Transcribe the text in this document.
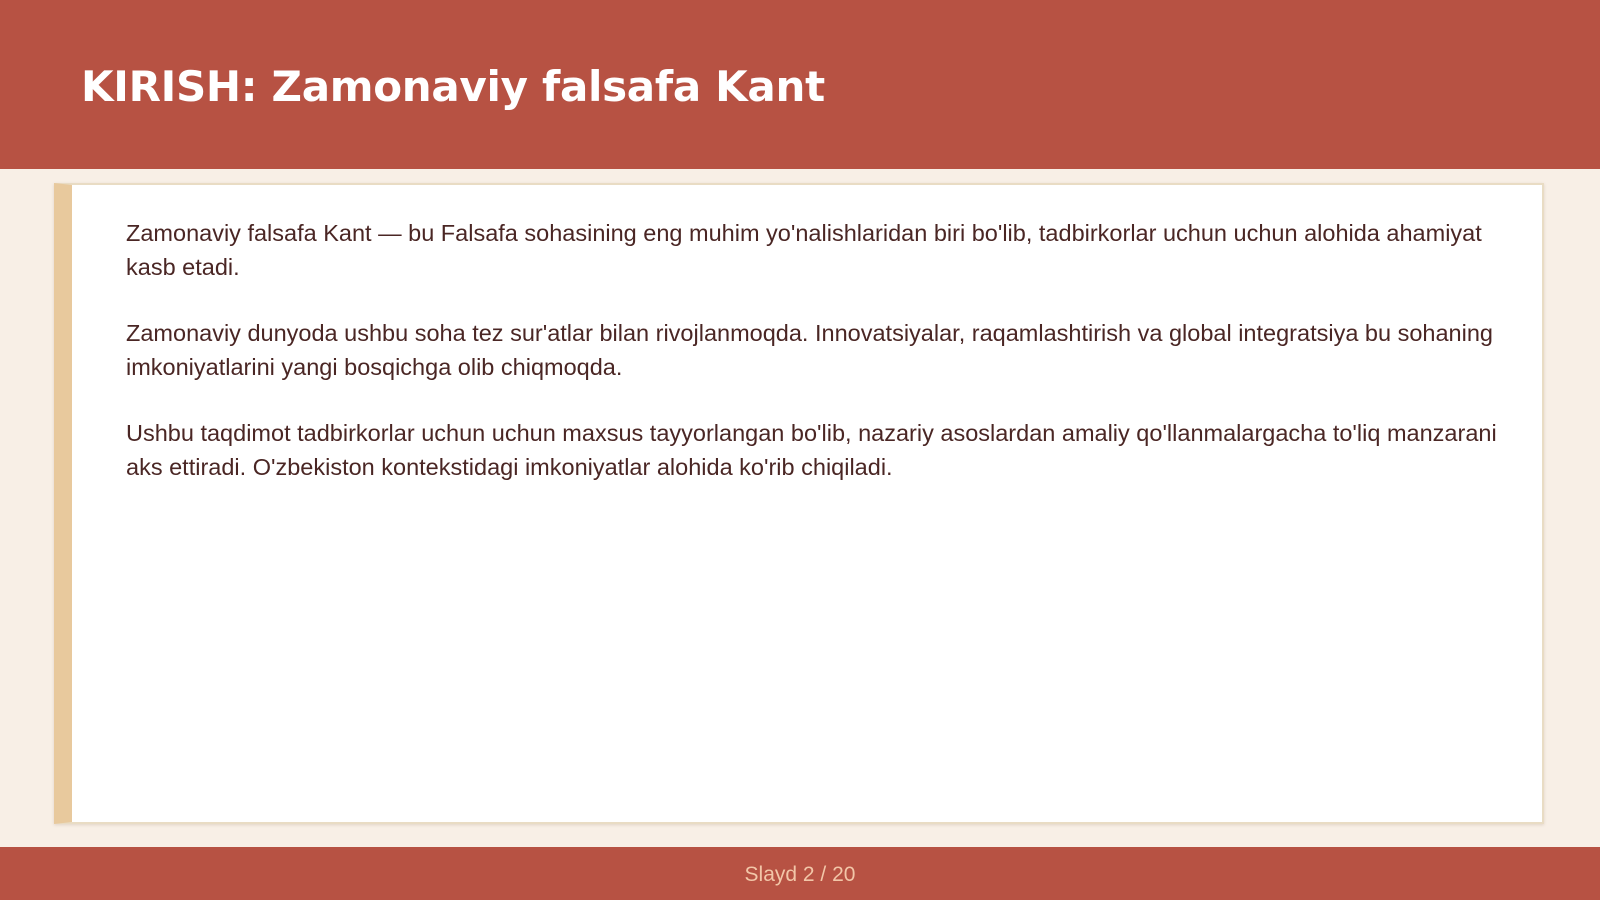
KIRISH: Zamonaviy falsafa Kant

Zamonaviy falsafa Kant — bu Falsafa sohasining eng muhim yo'nalishlaridan biri bo'lib, tadbirkorlar uchun uchun alohida ahamiyat kasb etadi.

Zamonaviy dunyoda ushbu soha tez sur'atlar bilan rivojlanmoqda. Innovatsiyalar, raqamlashtirish va global integratsiya bu sohaning imkoniyatlarini yangi bosqichga olib chiqmoqda.

Ushbu taqdimot tadbirkorlar uchun uchun maxsus tayyorlangan bo'lib, nazariy asoslardan amaliy qo'llanmalargacha to'liq manzarani aks ettiradi. O'zbekiston kontekstidagi imkoniyatlar alohida ko'rib chiqiladi.

Slayd 2 / 20
